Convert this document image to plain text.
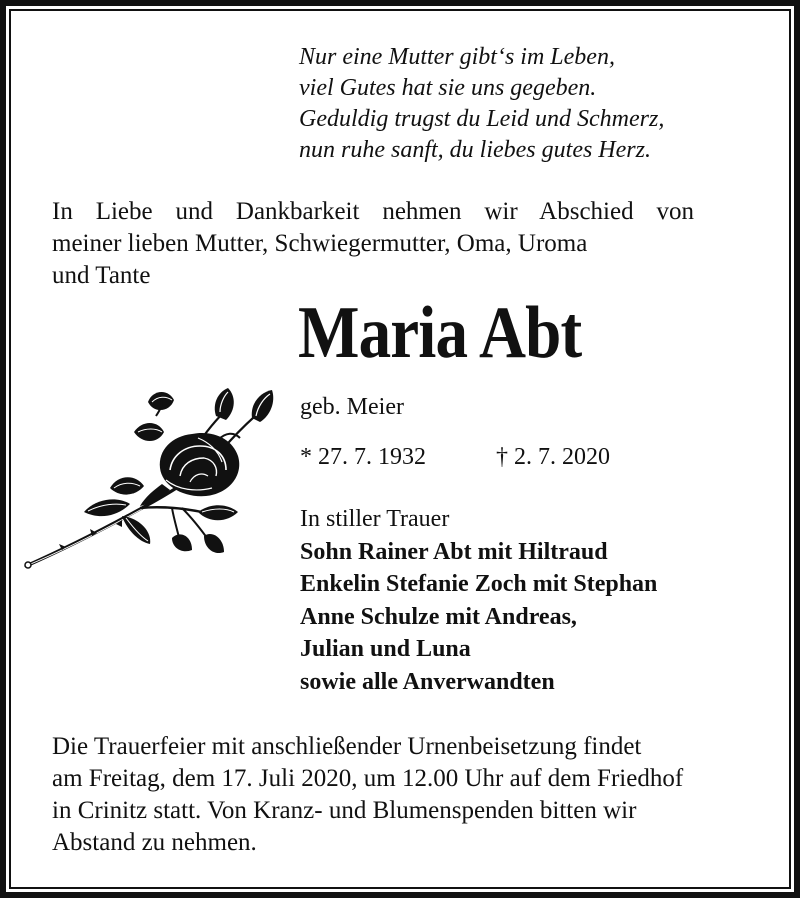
Nur eine Mutter gibt‘s im Leben,
viel Gutes hat sie uns gegeben.
Geduldig trugst du Leid und Schmerz,
nun ruhe sanft, du liebes gutes Herz.
In Liebe und Dankbarkeit nehmen wir Abschied von
meiner lieben Mutter, Schwiegermutter, Oma, Uroma
und Tante
Maria Abt
geb. Meier
* 27. 7. 1932	† 2. 7. 2020
In stiller Trauer
Sohn Rainer Abt mit Hiltraud
Enkelin Stefanie Zoch mit Stephan
Anne Schulze mit Andreas,
Julian und Luna
sowie alle Anverwandten
Die Trauerfeier mit anschließender Urnenbeisetzung findet
am Freitag, dem 17. Juli 2020, um 12.00 Uhr auf dem Friedhof
in Crinitz statt. Von Kranz- und Blumenspenden bitten wir
Abstand zu nehmen.
